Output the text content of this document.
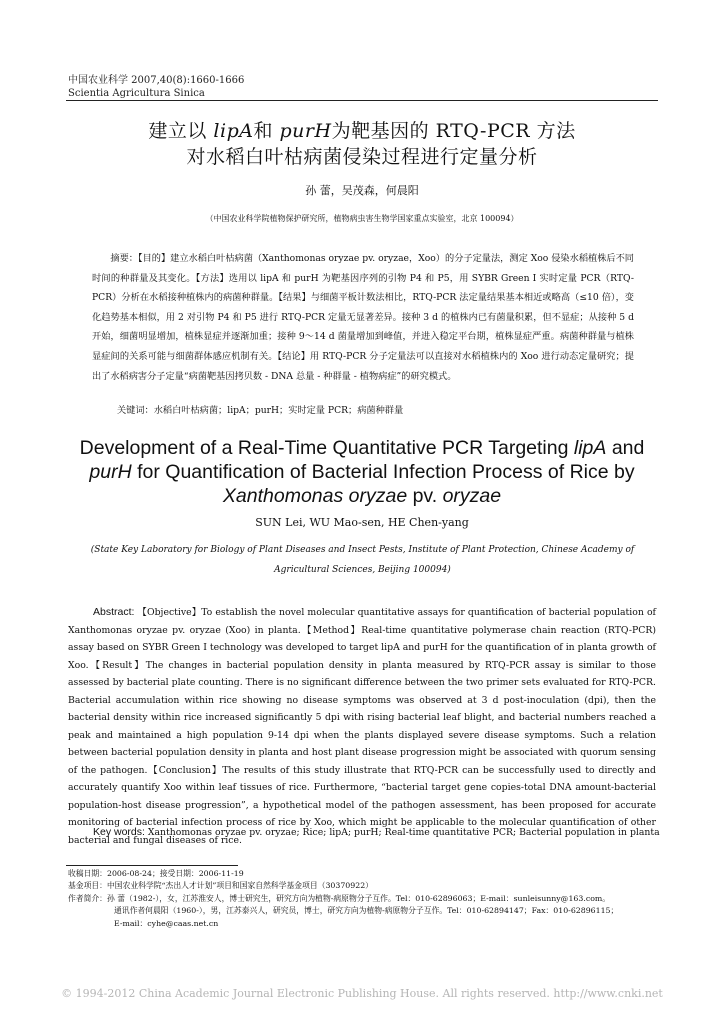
中国农业科学 2007,40(8):1660-1666
Scientia Agricultura Sinica
建立以 lipA和 purH为靶基因的 RTQ-PCR 方法
对水稻白叶枯病菌侵染过程进行定量分析
孙 蕾，吴茂森，何晨阳
（中国农业科学院植物保护研究所，植物病虫害生物学国家重点实验室，北京 100094）

摘要：【目的】建立水稻白叶枯病菌（Xanthomonas oryzae pv. oryzae，Xoo）的分子定量法，测定 Xoo 侵染水稻植株后不同时间的种群量及其变化。【方法】选用以 lipA 和 purH 为靶基因序列的引物 P4 和 P5，用 SYBR Green I 实时定量 PCR（RTQ-PCR）分析在水稻接种植株内的病菌种群量。【结果】与细菌平板计数法相比，RTQ-PCR 法定量结果基本相近或略高（≤10 倍），变化趋势基本相似，用 2 对引物 P4 和 P5 进行 RTQ-PCR 定量无显著差异。接种 3 d 的植株内已有菌量积累，但不显症；从接种 5 d 开始，细菌明显增加，植株显症并逐渐加重；接种 9～14 d 菌量增加到峰值，并进入稳定平台期，植株显症严重。病菌种群量与植株显症间的关系可能与细菌群体感应机制有关。【结论】用 RTQ-PCR 分子定量法可以直接对水稻植株内的 Xoo 进行动态定量研究；提出了水稻病害分子定量“病菌靶基因拷贝数 - DNA 总量 - 种群量 - 植物病症”的研究模式。

关键词：水稻白叶枯病菌；lipA；purH；实时定量 PCR；病菌种群量
Development of a Real-Time Quantitative PCR Targeting lipA and
purH for Quantification of Bacterial Infection Process of Rice by
Xanthomonas oryzae pv. oryzae
SUN Lei, WU Mao-sen, HE Chen-yang
(State Key Laboratory for Biology of Plant Diseases and Insect Pests, Institute of Plant Protection, Chinese Academy of Agricultural Sciences, Beijing 100094)
Abstract: 【Objective】To establish the novel molecular quantitative assays for quantification of bacterial population of Xanthomonas oryzae pv. oryzae (Xoo) in planta.【Method】Real-time quantitative polymerase chain reaction (RTQ-PCR) assay based on SYBR Green I technology was developed to target lipA and purH for the quantification of in planta growth of Xoo.【Result】The changes in bacterial population density in planta measured by RTQ-PCR assay is similar to those assessed by bacterial plate counting. There is no significant difference between the two primer sets evaluated for RTQ-PCR. Bacterial accumulation within rice showing no disease symptoms was observed at 3 d post-inoculation (dpi), then the bacterial density within rice increased significantly 5 dpi with rising bacterial leaf blight, and bacterial numbers reached a peak and maintained a high population 9-14 dpi when the plants displayed severe disease symptoms. Such a relation between bacterial population density in planta and host plant disease progression might be associated with quorum sensing of the pathogen.【Conclusion】The results of this study illustrate that RTQ-PCR can be successfully used to directly and accurately quantify Xoo within leaf tissues of rice. Furthermore, “bacterial target gene copies-total DNA amount-bacterial population-host disease progression”, a hypothetical model of the pathogen assessment, has been proposed for accurate monitoring of bacterial infection process of rice by Xoo, which might be applicable to the molecular quantification of other bacterial and fungal diseases of rice.
Key words: Xanthomonas oryzae pv. oryzae; Rice; lipA; purH; Real-time quantitative PCR; Bacterial population in planta
收稿日期：2006-08-24；接受日期：2006-11-19
基金项目：中国农业科学院“杰出人才计划”项目和国家自然科学基金项目（30370922）
作者简介：孙 蕾（1982-），女，江苏淮安人，博士研究生，研究方向为植物-病原物分子互作。Tel：010-62896063；E-mail：sunleisunny@163.com。
通讯作者何晨阳（1960-），男，江苏泰兴人，研究员，博士，研究方向为植物-病原物分子互作。Tel：010-62894147；Fax：010-62896115；
E-mail：cyhe@caas.net.cn
© 1994-2012 China Academic Journal Electronic Publishing House. All rights reserved. http://www.cnki.net
